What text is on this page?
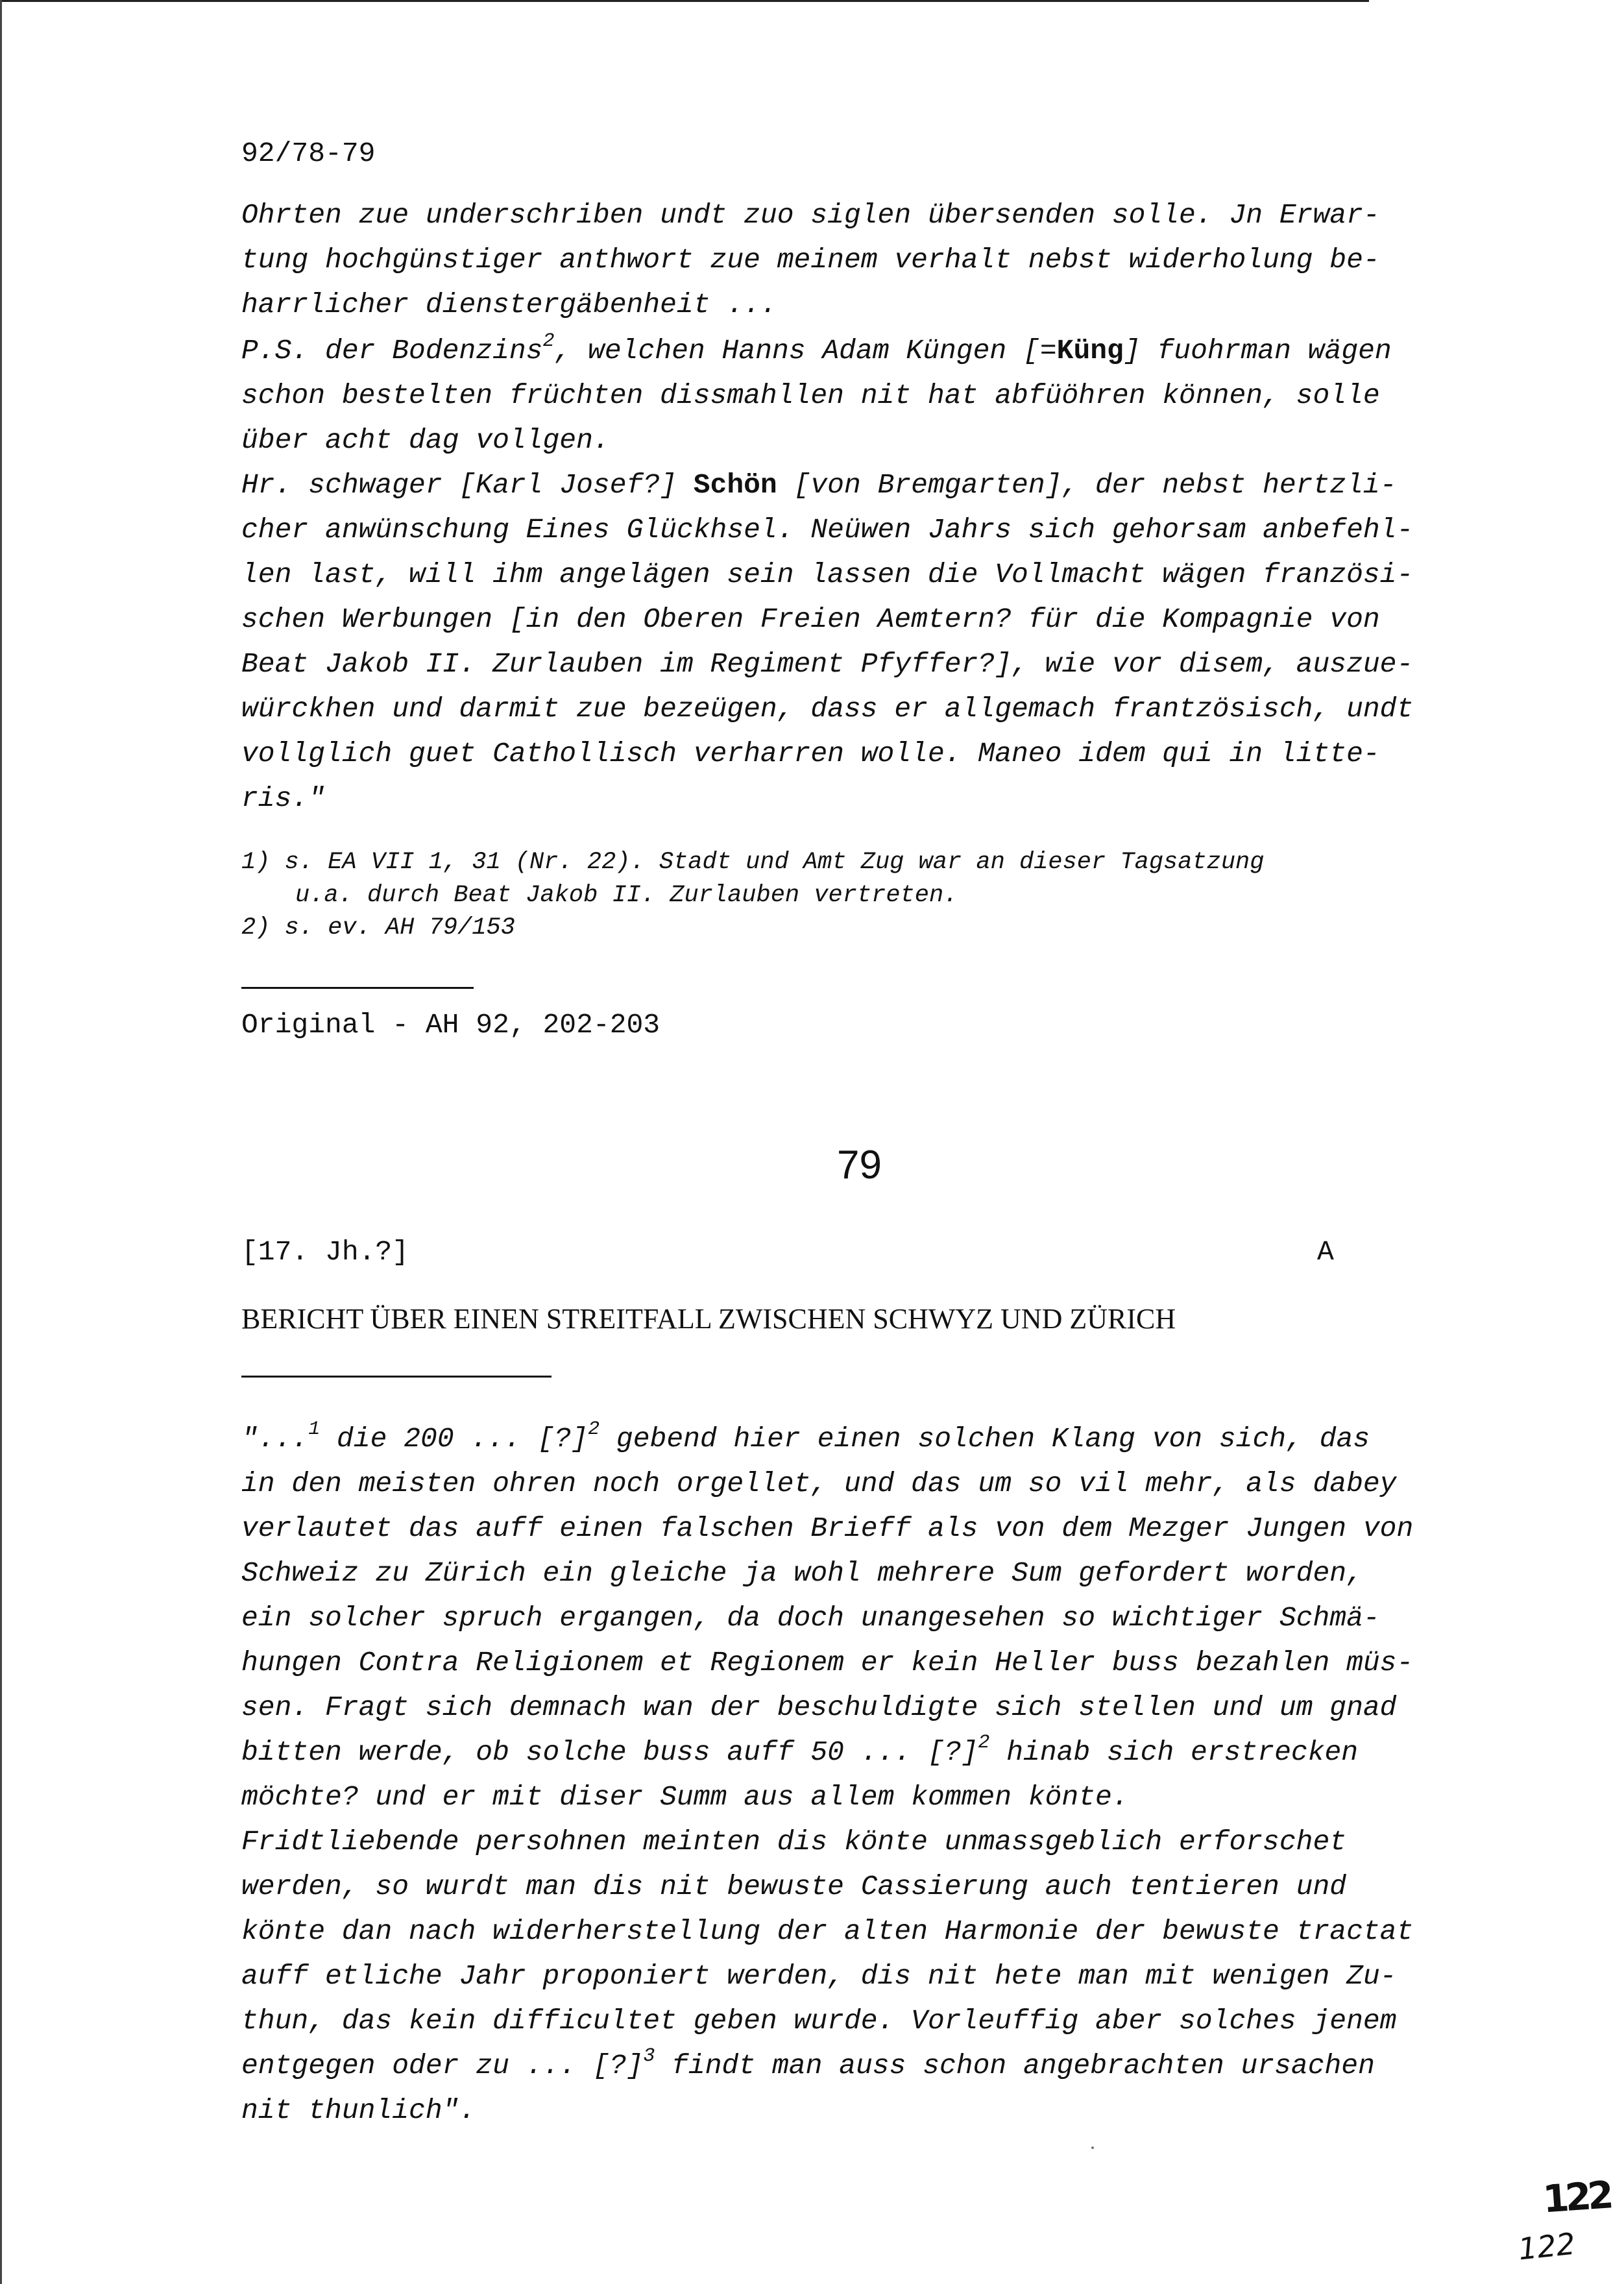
92/78-79
Ohrten zue underschriben undt zuo siglen übersenden solle. Jn Erwar-
tung hochgünstiger anthwort zue meinem verhalt nebst widerholung be-
harrlicher dienstergäbenheit ...
P.S. der Bodenzins$^2$, welchen Hanns Adam Küngen [=Küng] fuohrman wägen
schon bestelten früchten dissmahllen nit hat abfüöhren können, solle
über acht dag vollgen.
Hr. schwager [Karl Josef?] Schön [von Bremgarten], der nebst hertzli-
cher anwünschung Eines Glückhsel. Neüwen Jahrs sich gehorsam anbefehl-
len last, will ihm angelägen sein lassen die Vollmacht wägen französi-
schen Werbungen [in den Oberen Freien Aemtern? für die Kompagnie von
Beat Jakob II. Zurlauben im Regiment Pfyffer?], wie vor disem, auszue-
würckhen und darmit zue bezeügen, dass er allgemach frantzösisch, undt
vollglich guet Cathollisch verharren wolle. Maneo idem qui in litte-
ris."
1) s. EA VII 1, 31 (Nr. 22). Stadt und Amt Zug war an dieser Tagsatzung
u.a. durch Beat Jakob II. Zurlauben vertreten.
2) s. ev. AH 79/153
Original - AH 92, 202-203
79
[17. Jh.?]	A
BERICHT ÜBER EINEN STREITFALL ZWISCHEN SCHWYZ UND ZÜRICH
"...$^1$ die 200 ... [?]$^2$ gebend hier einen solchen Klang von sich, das
in den meisten ohren noch orgellet, und das um so vil mehr, als dabey
verlautet das auff einen falschen Brieff als von dem Mezger Jungen von
Schweiz zu Zürich ein gleiche ja wohl mehrere Sum gefordert worden,
ein solcher spruch ergangen, da doch unangesehen so wichtiger Schmä-
hungen Contra Religionem et Regionem er kein Heller buss bezahlen müs-
sen. Fragt sich demnach wan der beschuldigte sich stellen und um gnad
bitten werde, ob solche buss auff 50 ... [?]$^2$ hinab sich erstrecken
möchte? und er mit diser Summ aus allem kommen könte.
Fridtliebende persohnen meinten dis könte unmassgeblich erforschet
werden, so wurdt man dis nit bewuste Cassierung auch tentieren und
könte dan nach widerherstellung der alten Harmonie der bewuste tractat
auff etliche Jahr proponiert werden, dis nit hete man mit wenigen Zu-
thun, das kein difficultet geben wurde. Vorleuffig aber solches jenem
entgegen oder zu ... [?]$^3$ findt man auss schon angebrachten ursachen
nit thunlich".
122
122
